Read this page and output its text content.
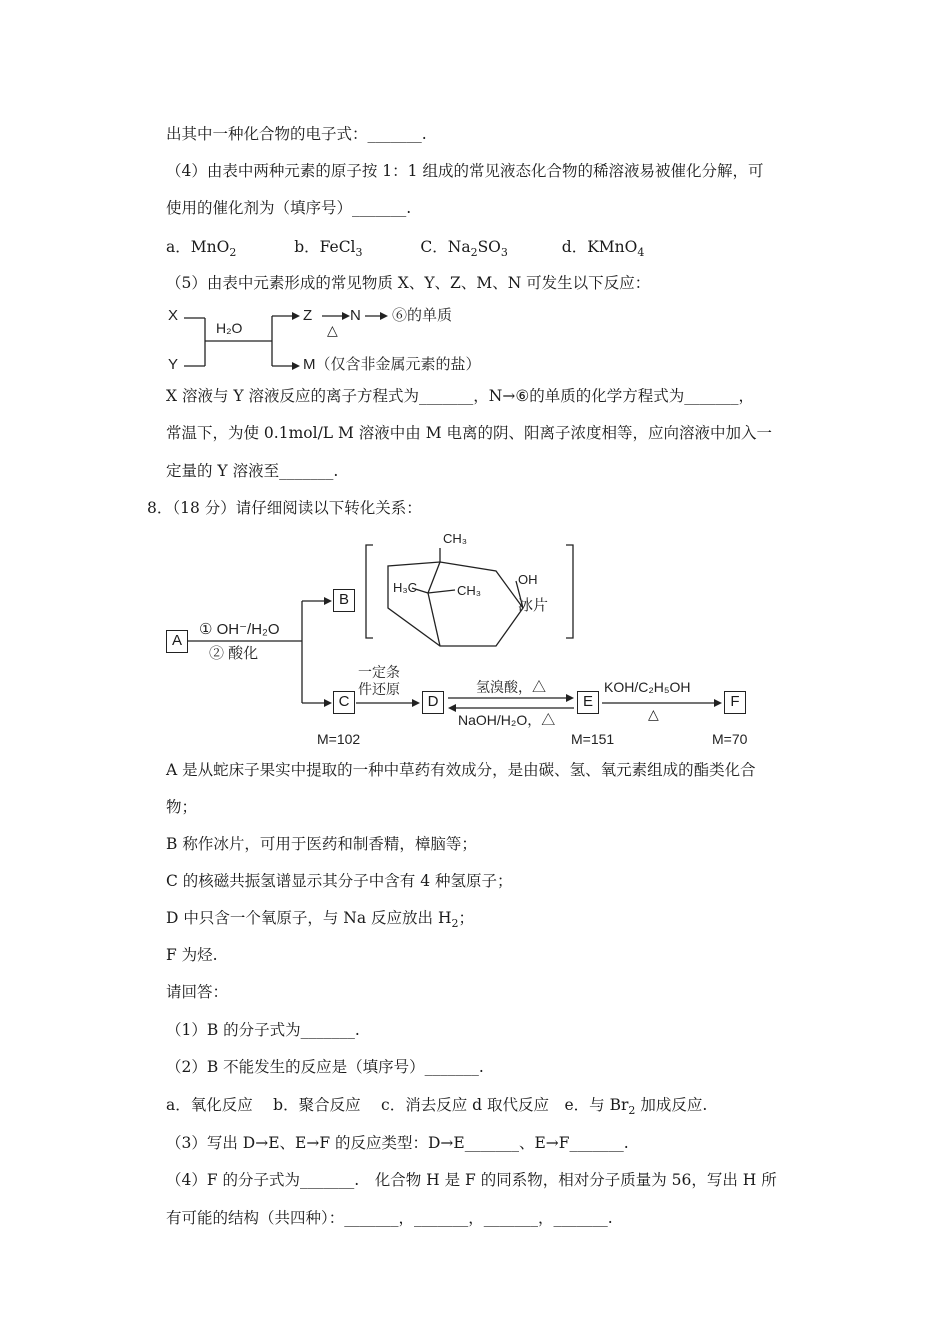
出其中一种化合物的电子式：_______.
（4）由表中两种元素的原子按 1：1 组成的常见液态化合物的稀溶液易被催化分解，可
使用的催化剂为（填序号）_______.
a．MnO$_2$	b．FeCl$_3$	C．$Na_2SO_3$	d．KMnO$_4$
（5）由表中元素形成的常见物质 X、Y、Z、M、N 可发生以下反应：
X
Y
H₂O
Z	N
△
⑥的单质
M（仅含非金属元素的盐）
X 溶液与 Y 溶液反应的离子方程式为_______，N→⑥的单质的化学方程式为_______，
常温下，为使 0.1mol/L M 溶液中由 M 电离的阴、阳离子浓度相等，应向溶液中加入一
定量的 Y 溶液至_______.
8．（18 分）请仔细阅读以下转化关系：
A
B
C	D	E	F
① OH⁻/H₂O
② 酸化
一定条
件还原	氢溴酸，△
NaOH/H₂O，△
KOH/C₂H₅OH
△
M=102	M=151	M=70
CH₃
H₃C	CH₃
OH
冰片
A 是从蛇床子果实中提取的一种中草药有效成分，是由碳、氢、氧元素组成的酯类化合
物；
B 称作冰片，可用于医药和制香精，樟脑等；
C 的核磁共振氢谱显示其分子中含有 4 种氢原子；
D 中只含一个氧原子，与 Na 反应放出 $H_2$；
F 为烃.
请回答：
（1）B 的分子式为_______.
（2）B 不能发生的反应是（填序号）_______.
a．氧化反应　 b．聚合反应　 c．消去反应 d 取代反应　e．与 $Br_2$ 加成反应.
（3）写出 D→E、E→F 的反应类型：D→E_______、E→F_______.
（4）F 的分子式为_______.　化合物 H 是 F 的同系物，相对分子质量为 56，写出 H 所
有可能的结构（共四种）：_______，_______，_______，_______.
